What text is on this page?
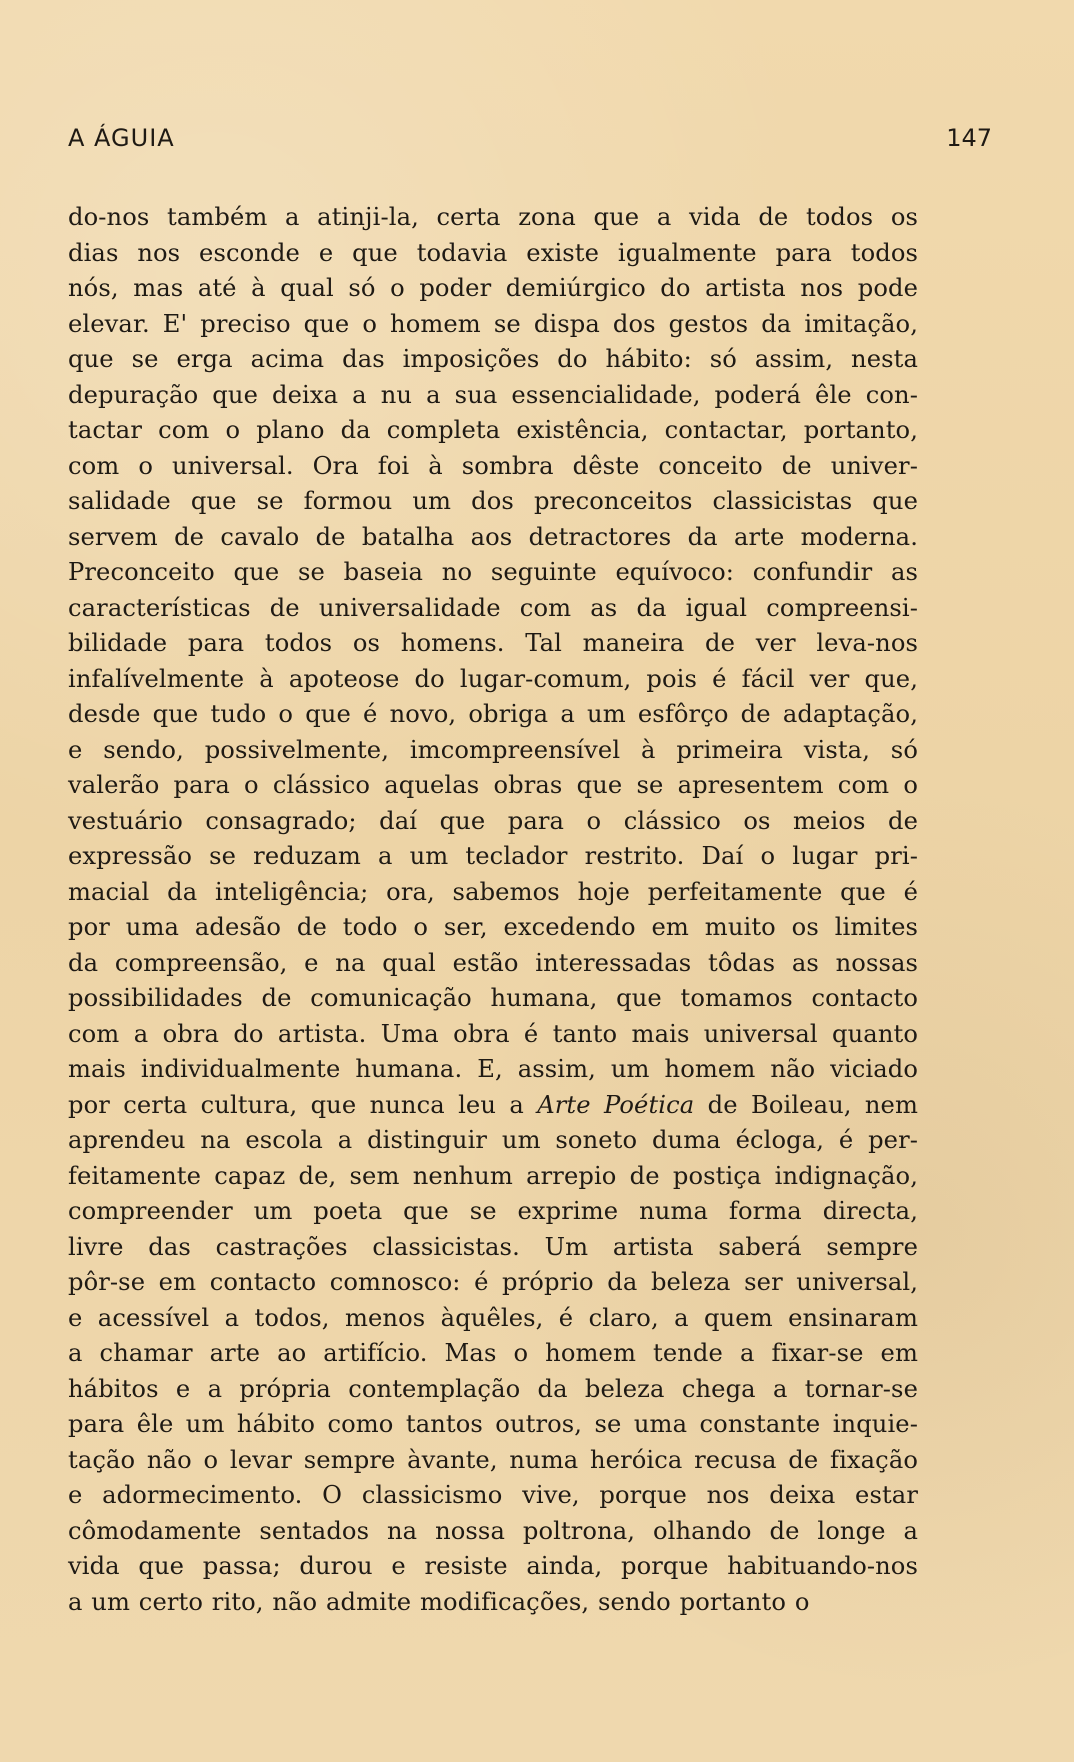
A ÁGUIA	147
do-nos também a atinji-la, certa zona que a vida de todos os
dias nos esconde e que todavia existe igualmente para todos
nós, mas até à qual só o poder demiúrgico do artista nos pode
elevar. E' preciso que o homem se dispa dos gestos da imitação,
que se erga acima das imposições do hábito: só assim, nesta
depuração que deixa a nu a sua essencialidade, poderá êle con-
tactar com o plano da completa existência, contactar, portanto,
com o universal. Ora foi à sombra dêste conceito de univer-
salidade que se formou um dos preconceitos classicistas que
servem de cavalo de batalha aos detractores da arte moderna.
Preconceito que se baseia no seguinte equívoco: confundir as
características de universalidade com as da igual compreensi-
bilidade para todos os homens. Tal maneira de ver leva-nos
infalívelmente à apoteose do lugar-comum, pois é fácil ver que,
desde que tudo o que é novo, obriga a um esfôrço de adaptação,
e sendo, possivelmente, imcompreensível à primeira vista, só
valerão para o clássico aquelas obras que se apresentem com o
vestuário consagrado; daí que para o clássico os meios de
expressão se reduzam a um teclador restrito. Daí o lugar pri-
macial da inteligência; ora, sabemos hoje perfeitamente que é
por uma adesão de todo o ser, excedendo em muito os limites
da compreensão, e na qual estão interessadas tôdas as nossas
possibilidades de comunicação humana, que tomamos contacto
com a obra do artista. Uma obra é tanto mais universal quanto
mais individualmente humana. E, assim, um homem não viciado
por certa cultura, que nunca leu a Arte Poética de Boileau, nem
aprendeu na escola a distinguir um soneto duma écloga, é per-
feitamente capaz de, sem nenhum arrepio de postiça indignação,
compreender um poeta que se exprime numa forma directa,
livre das castrações classicistas. Um artista saberá sempre
pôr-se em contacto comnosco: é próprio da beleza ser universal,
e acessível a todos, menos àquêles, é claro, a quem ensinaram
a chamar arte ao artifício. Mas o homem tende a fixar-se em
hábitos e a própria contemplação da beleza chega a tornar-se
para êle um hábito como tantos outros, se uma constante inquie-
tação não o levar sempre àvante, numa heróica recusa de fixação
e adormecimento. O classicismo vive, porque nos deixa estar
cômodamente sentados na nossa poltrona, olhando de longe a
vida que passa; durou e resiste ainda, porque habituando-nos
a um certo rito, não admite modificações, sendo portanto o
